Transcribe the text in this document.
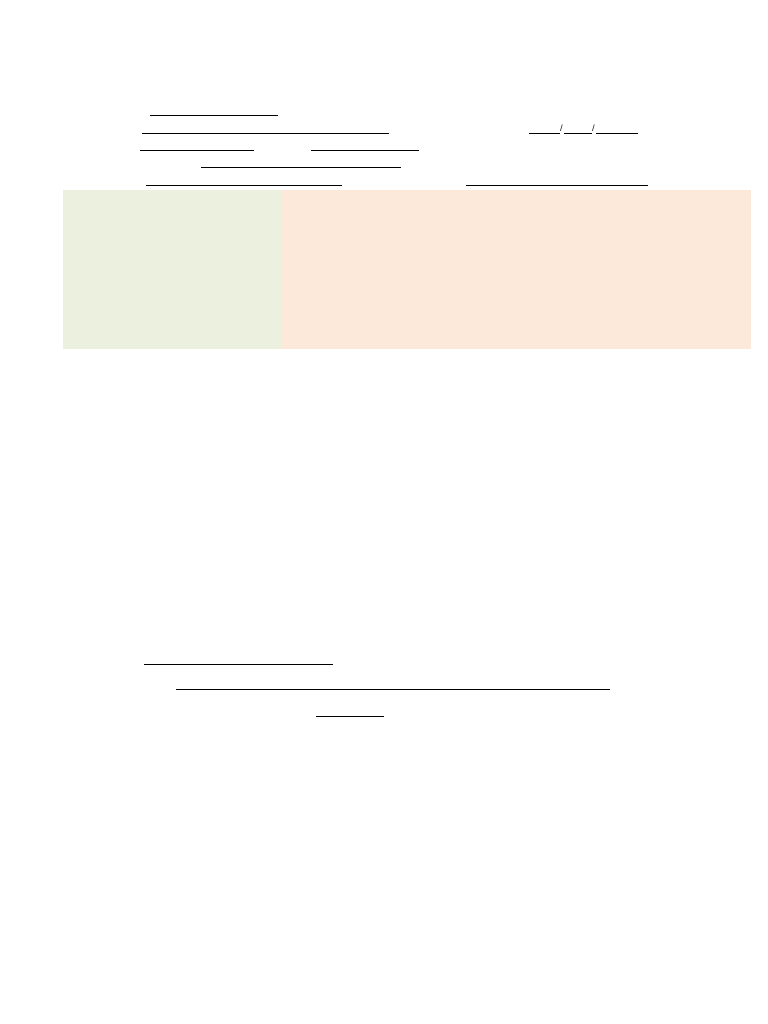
/	/
